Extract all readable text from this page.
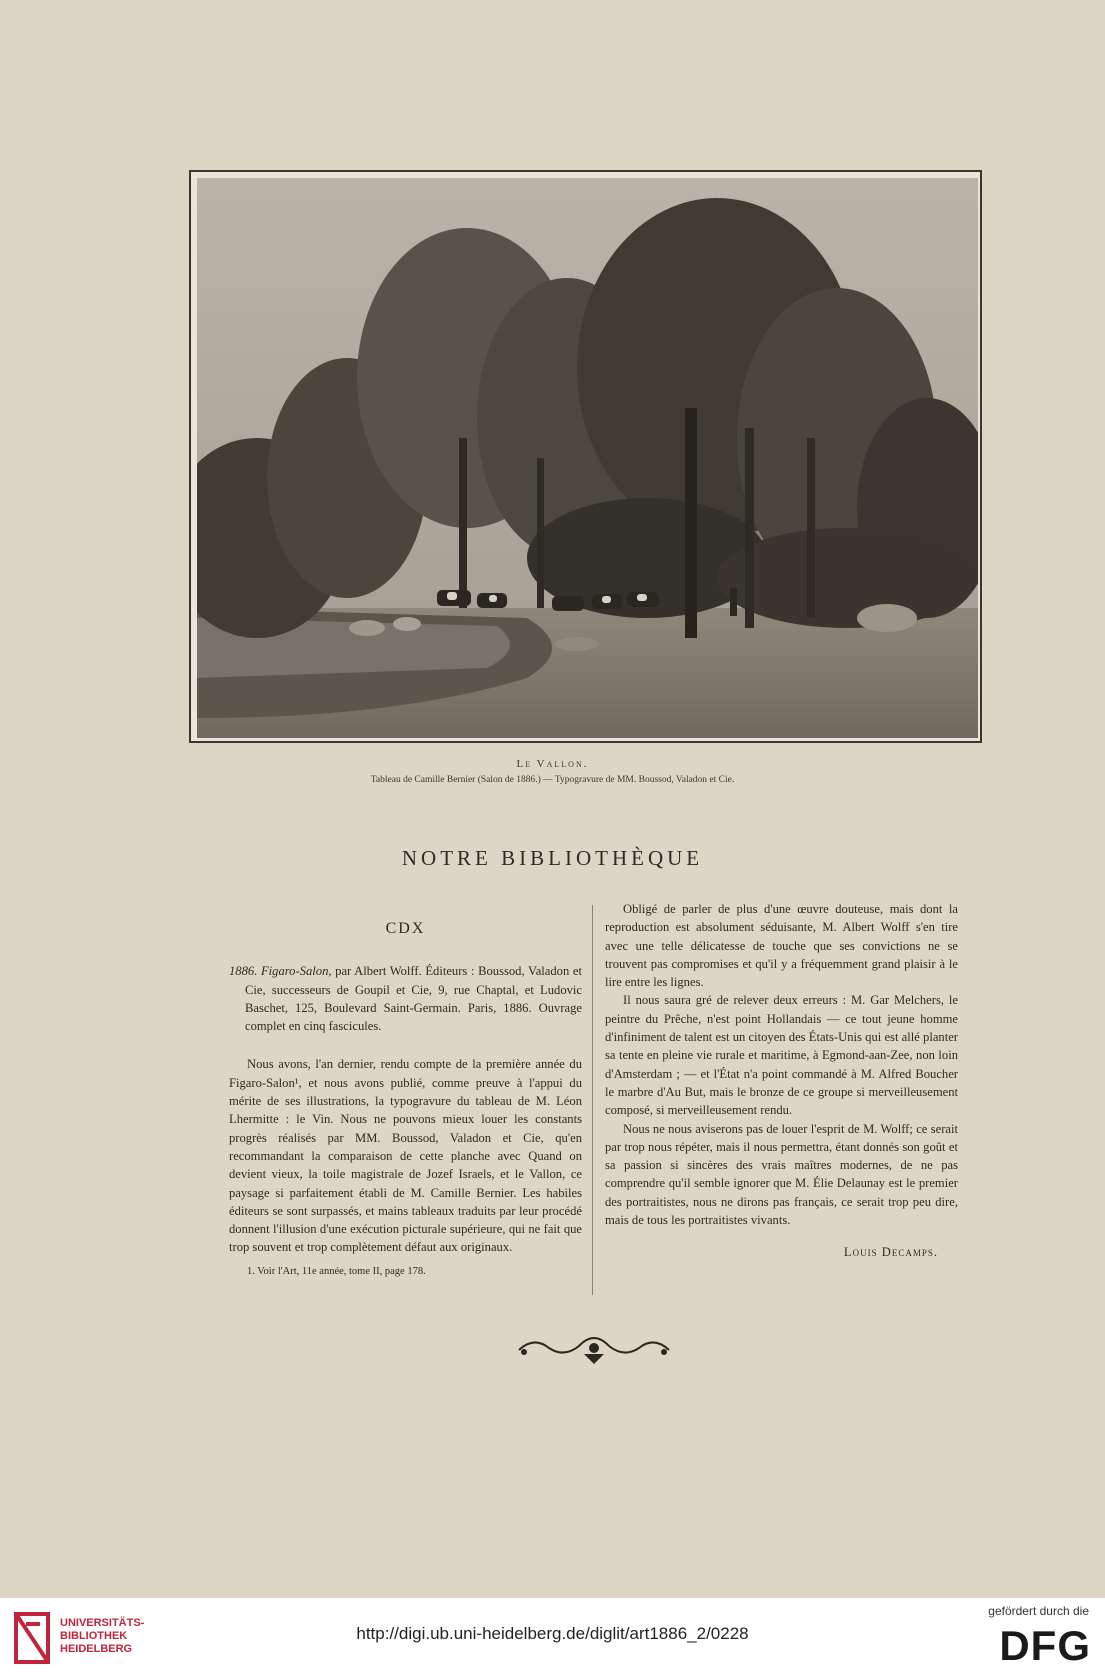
Le Vallon.
Tableau de Camille Bernier (Salon de 1886.) — Typogravure de MM. Boussod, Valadon et Cie.
NOTRE BIBLIOTHÈQUE

CDX

1886. Figaro-Salon, par Albert Wolff. Éditeurs : Boussod, Valadon et Cie, successeurs de Goupil et Cie, 9, rue Chaptal, et Ludovic Baschet, 125, Boulevard Saint-Germain. Paris, 1886. Ouvrage complet en cinq fascicules.

Nous avons, l'an dernier, rendu compte de la première année du Figaro-Salon¹, et nous avons publié, comme preuve à l'appui du mérite de ses illustrations, la typogravure du tableau de M. Léon Lhermitte : le Vin. Nous ne pouvons mieux louer les constants progrès réalisés par MM. Boussod, Valadon et Cie, qu'en recommandant la comparaison de cette planche avec Quand on devient vieux, la toile magistrale de Jozef Israels, et le Vallon, ce paysage si parfaitement établi de M. Camille Bernier. Les habiles éditeurs se sont surpassés, et mains tableaux traduits par leur procédé donnent l'illusion d'une exécution picturale supérieure, qui ne fait que trop souvent et trop complètement défaut aux originaux.

1. Voir l'Art, 11e année, tome II, page 178.

Obligé de parler de plus d'une œuvre douteuse, mais dont la reproduction est absolument séduisante, M. Albert Wolff s'en tire avec une telle délicatesse de touche que ses convictions ne se trouvent pas compromises et qu'il y a fréquemment grand plaisir à le lire entre les lignes.

Il nous saura gré de relever deux erreurs : M. Gar Melchers, le peintre du Prêche, n'est point Hollandais — ce tout jeune homme d'infiniment de talent est un citoyen des États-Unis qui est allé planter sa tente en pleine vie rurale et maritime, à Egmond-aan-Zee, non loin d'Amsterdam ; — et l'État n'a point commandé à M. Alfred Boucher le marbre d'Au But, mais le bronze de ce groupe si merveilleusement composé, si merveilleusement rendu.

Nous ne nous aviserons pas de louer l'esprit de M. Wolff; ce serait par trop nous répéter, mais il nous permettra, étant donnés son goût et sa passion si sincères des vrais maîtres modernes, de ne pas comprendre qu'il semble ignorer que M. Élie Delaunay est le premier des portraitistes, nous ne dirons pas français, ce serait trop peu dire, mais de tous les portraitistes vivants.

Louis Decamps.

UNIVERSITÄTS-
BIBLIOTHEK
HEIDELBERG
http://digi.ub.uni-heidelberg.de/diglit/art1886_2/0228
gefördert durch die
DFG
